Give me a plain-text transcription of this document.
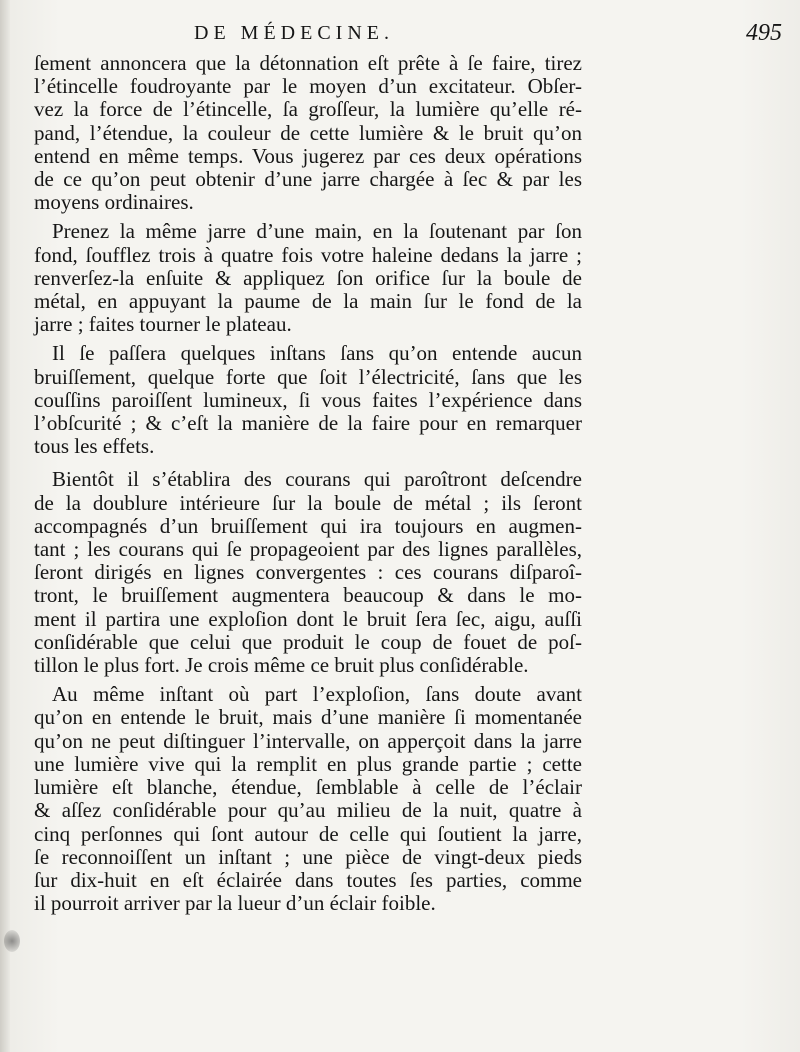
DE MÉDECINE.	495

ſement annoncera que la détonnation eſt prête à ſe faire, tirez

l’étincelle foudroyante par le moyen d’un excitateur. Obſer-

vez la force de l’étincelle, ſa groſſeur, la lumière qu’elle ré-

pand, l’étendue, la couleur de cette lumière & le bruit qu’on

entend en même temps. Vous jugerez par ces deux opérations

de ce qu’on peut obtenir d’une jarre chargée à ſec & par les

moyens ordinaires.

Prenez la même jarre d’une main, en la ſoutenant par ſon

fond, ſoufflez trois à quatre fois votre haleine dedans la jarre ;

renverſez-la enſuite & appliquez ſon orifice ſur la boule de

métal, en appuyant la paume de la main ſur le fond de la

jarre ; faites tourner le plateau.

Il ſe paſſera quelques inſtans ſans qu’on entende aucun

bruiſſement, quelque forte que ſoit l’électricité, ſans que les

couſſins paroiſſent lumineux, ſi vous faites l’expérience dans

l’obſcurité ; & c’eſt la manière de la faire pour en remarquer

tous les effets.

Bientôt il s’établira des courans qui paroîtront deſcendre

de la doublure intérieure ſur la boule de métal ; ils ſeront

accompagnés d’un bruiſſement qui ira toujours en augmen-

tant ; les courans qui ſe propageoient par des lignes parallèles,

ſeront dirigés en lignes convergentes : ces courans diſparoî-

tront, le bruiſſement augmentera beaucoup & dans le mo-

ment il partira une exploſion dont le bruit ſera ſec, aigu, auſſi

conſidérable que celui que produit le coup de fouet de poſ-

tillon le plus fort. Je crois même ce bruit plus conſidérable.

Au même inſtant où part l’exploſion, ſans doute avant

qu’on en entende le bruit, mais d’une manière ſi momentanée

qu’on ne peut diſtinguer l’intervalle, on apperçoit dans la jarre

une lumière vive qui la remplit en plus grande partie ; cette

lumière eſt blanche, étendue, ſemblable à celle de l’éclair

& aſſez conſidérable pour qu’au milieu de la nuit, quatre à

cinq perſonnes qui ſont autour de celle qui ſoutient la jarre,

ſe reconnoiſſent un inſtant ; une pièce de vingt-deux pieds

ſur dix-huit en eſt éclairée dans toutes ſes parties, comme

il pourroit arriver par la lueur d’un éclair foible.
